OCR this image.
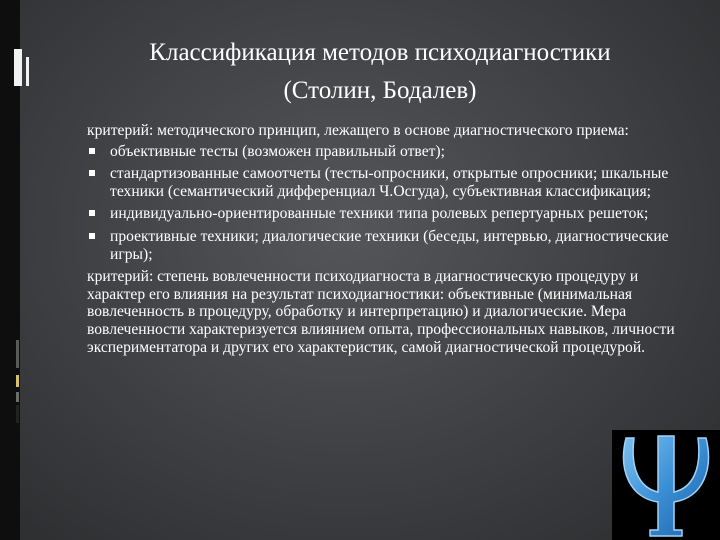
Классификация методов психодиагностики
(Столин, Бодалев)

критерий: методического принцип, лежащего в основе диагностического приема:

объективные тесты (возможен правильный ответ);
стандартизованные самоотчеты (тесты-опросники, открытые опросники; шкальные техники (семантический дифференциал Ч.Осгуда), субъективная классификация;
индивидуально-ориентированные техники типа ролевых репертуарных решеток;
проективные техники; диалогические техники (беседы, интервью, диагностические игры);

критерий: степень вовлеченности психодиагноста в диагностическую процедуру и характер его влияния на результат психодиагностики: объективные (минимальная вовлеченность в процедуру, обработку и интерпретацию) и диалогические. Мера вовлеченности характеризуется влиянием опыта, профессиональных навыков, личности экспериментатора и других его характеристик, самой диагностической процедурой.
